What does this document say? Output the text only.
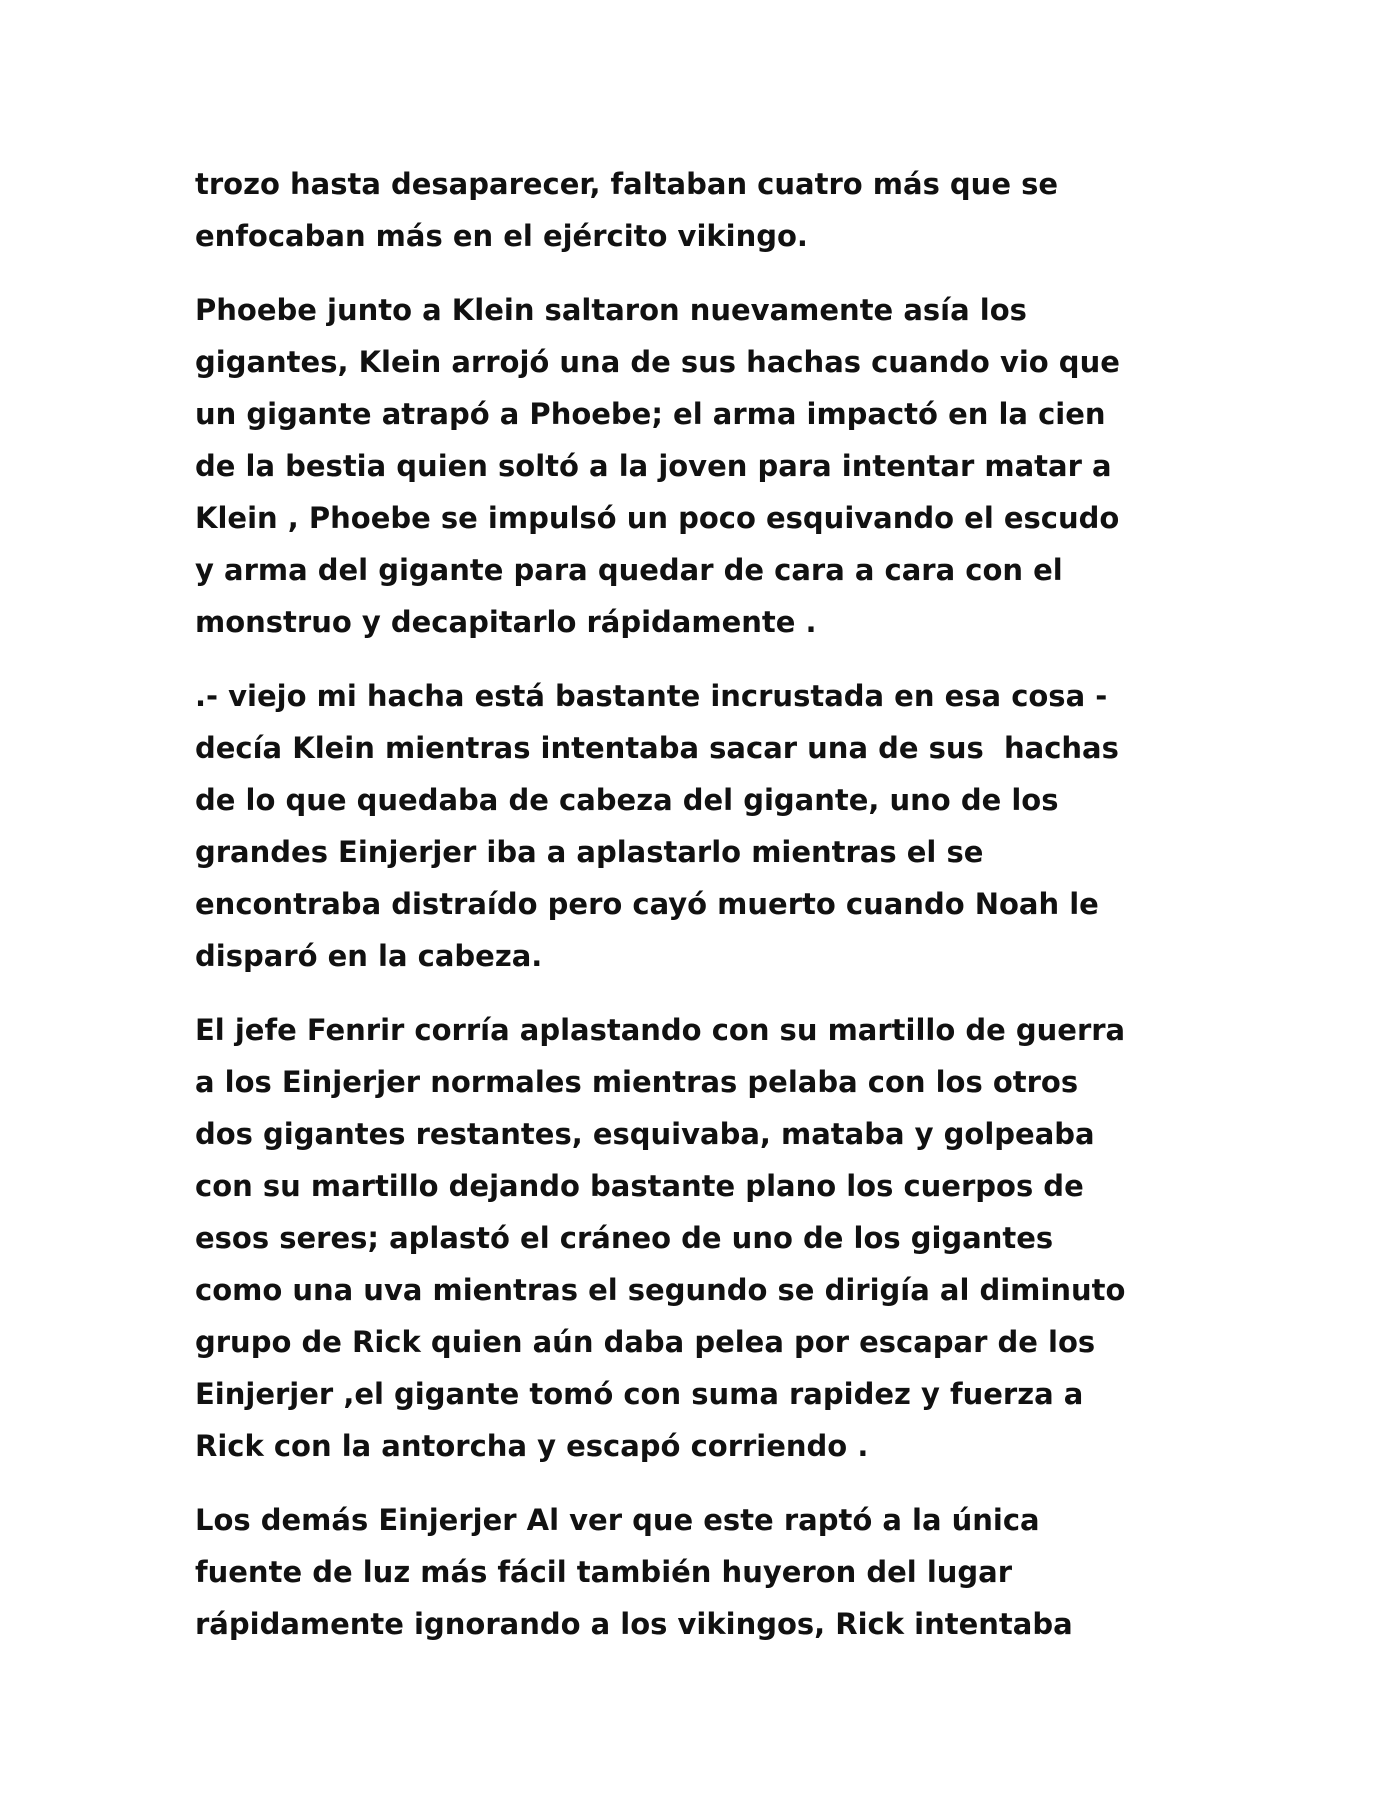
trozo hasta desaparecer, faltaban cuatro más que se
enfocaban más en el ejército vikingo.

Phoebe junto a Klein saltaron nuevamente asía los
gigantes, Klein arrojó una de sus hachas cuando vio que
un gigante atrapó a Phoebe; el arma impactó en la cien
de la bestia quien soltó a la joven para intentar matar a
Klein , Phoebe se impulsó un poco esquivando el escudo
y arma del gigante para quedar de cara a cara con el
monstruo y decapitarlo rápidamente .

.- viejo mi hacha está bastante incrustada en esa cosa -
decía Klein mientras intentaba sacar una de sus  hachas
de lo que quedaba de cabeza del gigante, uno de los
grandes Einjerjer iba a aplastarlo mientras el se
encontraba distraído pero cayó muerto cuando Noah le
disparó en la cabeza.

El jefe Fenrir corría aplastando con su martillo de guerra
a los Einjerjer normales mientras pelaba con los otros
dos gigantes restantes, esquivaba, mataba y golpeaba
con su martillo dejando bastante plano los cuerpos de
esos seres; aplastó el cráneo de uno de los gigantes
como una uva mientras el segundo se dirigía al diminuto
grupo de Rick quien aún daba pelea por escapar de los
Einjerjer ,el gigante tomó con suma rapidez y fuerza a
Rick con la antorcha y escapó corriendo .

Los demás Einjerjer Al ver que este raptó a la única
fuente de luz más fácil también huyeron del lugar
rápidamente ignorando a los vikingos, Rick intentaba
